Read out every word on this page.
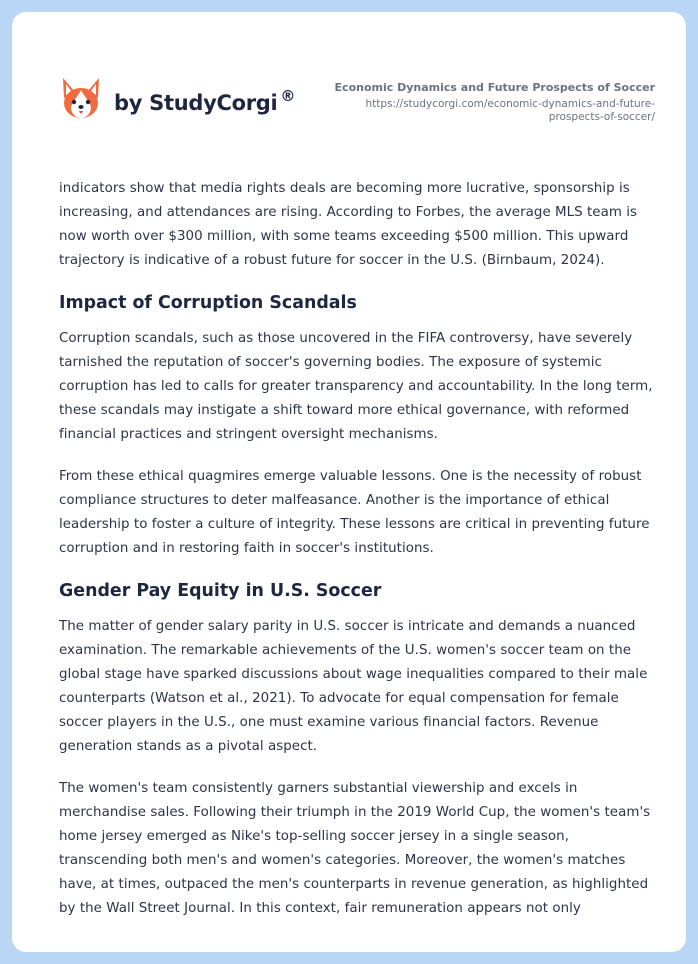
by StudyCorgi ®	Economic Dynamics and Future Prospects of Soccer
https://studycorgi.com/economic-dynamics-and-future-prospects-of-soccer/

indicators show that media rights deals are becoming more lucrative, sponsorship is increasing, and attendances are rising. According to Forbes, the average MLS team is now worth over $300 million, with some teams exceeding $500 million. This upward trajectory is indicative of a robust future for soccer in the U.S. (Birnbaum, 2024).

Impact of Corruption Scandals

Corruption scandals, such as those uncovered in the FIFA controversy, have severely tarnished the reputation of soccer's governing bodies. The exposure of systemic corruption has led to calls for greater transparency and accountability. In the long term, these scandals may instigate a shift toward more ethical governance, with reformed financial practices and stringent oversight mechanisms.

From these ethical quagmires emerge valuable lessons. One is the necessity of robust compliance structures to deter malfeasance. Another is the importance of ethical leadership to foster a culture of integrity. These lessons are critical in preventing future corruption and in restoring faith in soccer's institutions.

Gender Pay Equity in U.S. Soccer

The matter of gender salary parity in U.S. soccer is intricate and demands a nuanced examination. The remarkable achievements of the U.S. women's soccer team on the global stage have sparked discussions about wage inequalities compared to their male counterparts (Watson et al., 2021). To advocate for equal compensation for female soccer players in the U.S., one must examine various financial factors. Revenue generation stands as a pivotal aspect.

The women's team consistently garners substantial viewership and excels in merchandise sales. Following their triumph in the 2019 World Cup, the women's team's home jersey emerged as Nike's top-selling soccer jersey in a single season, transcending both men's and women's categories. Moreover, the women's matches have, at times, outpaced the men's counterparts in revenue generation, as highlighted by the Wall Street Journal. In this context, fair remuneration appears not only
